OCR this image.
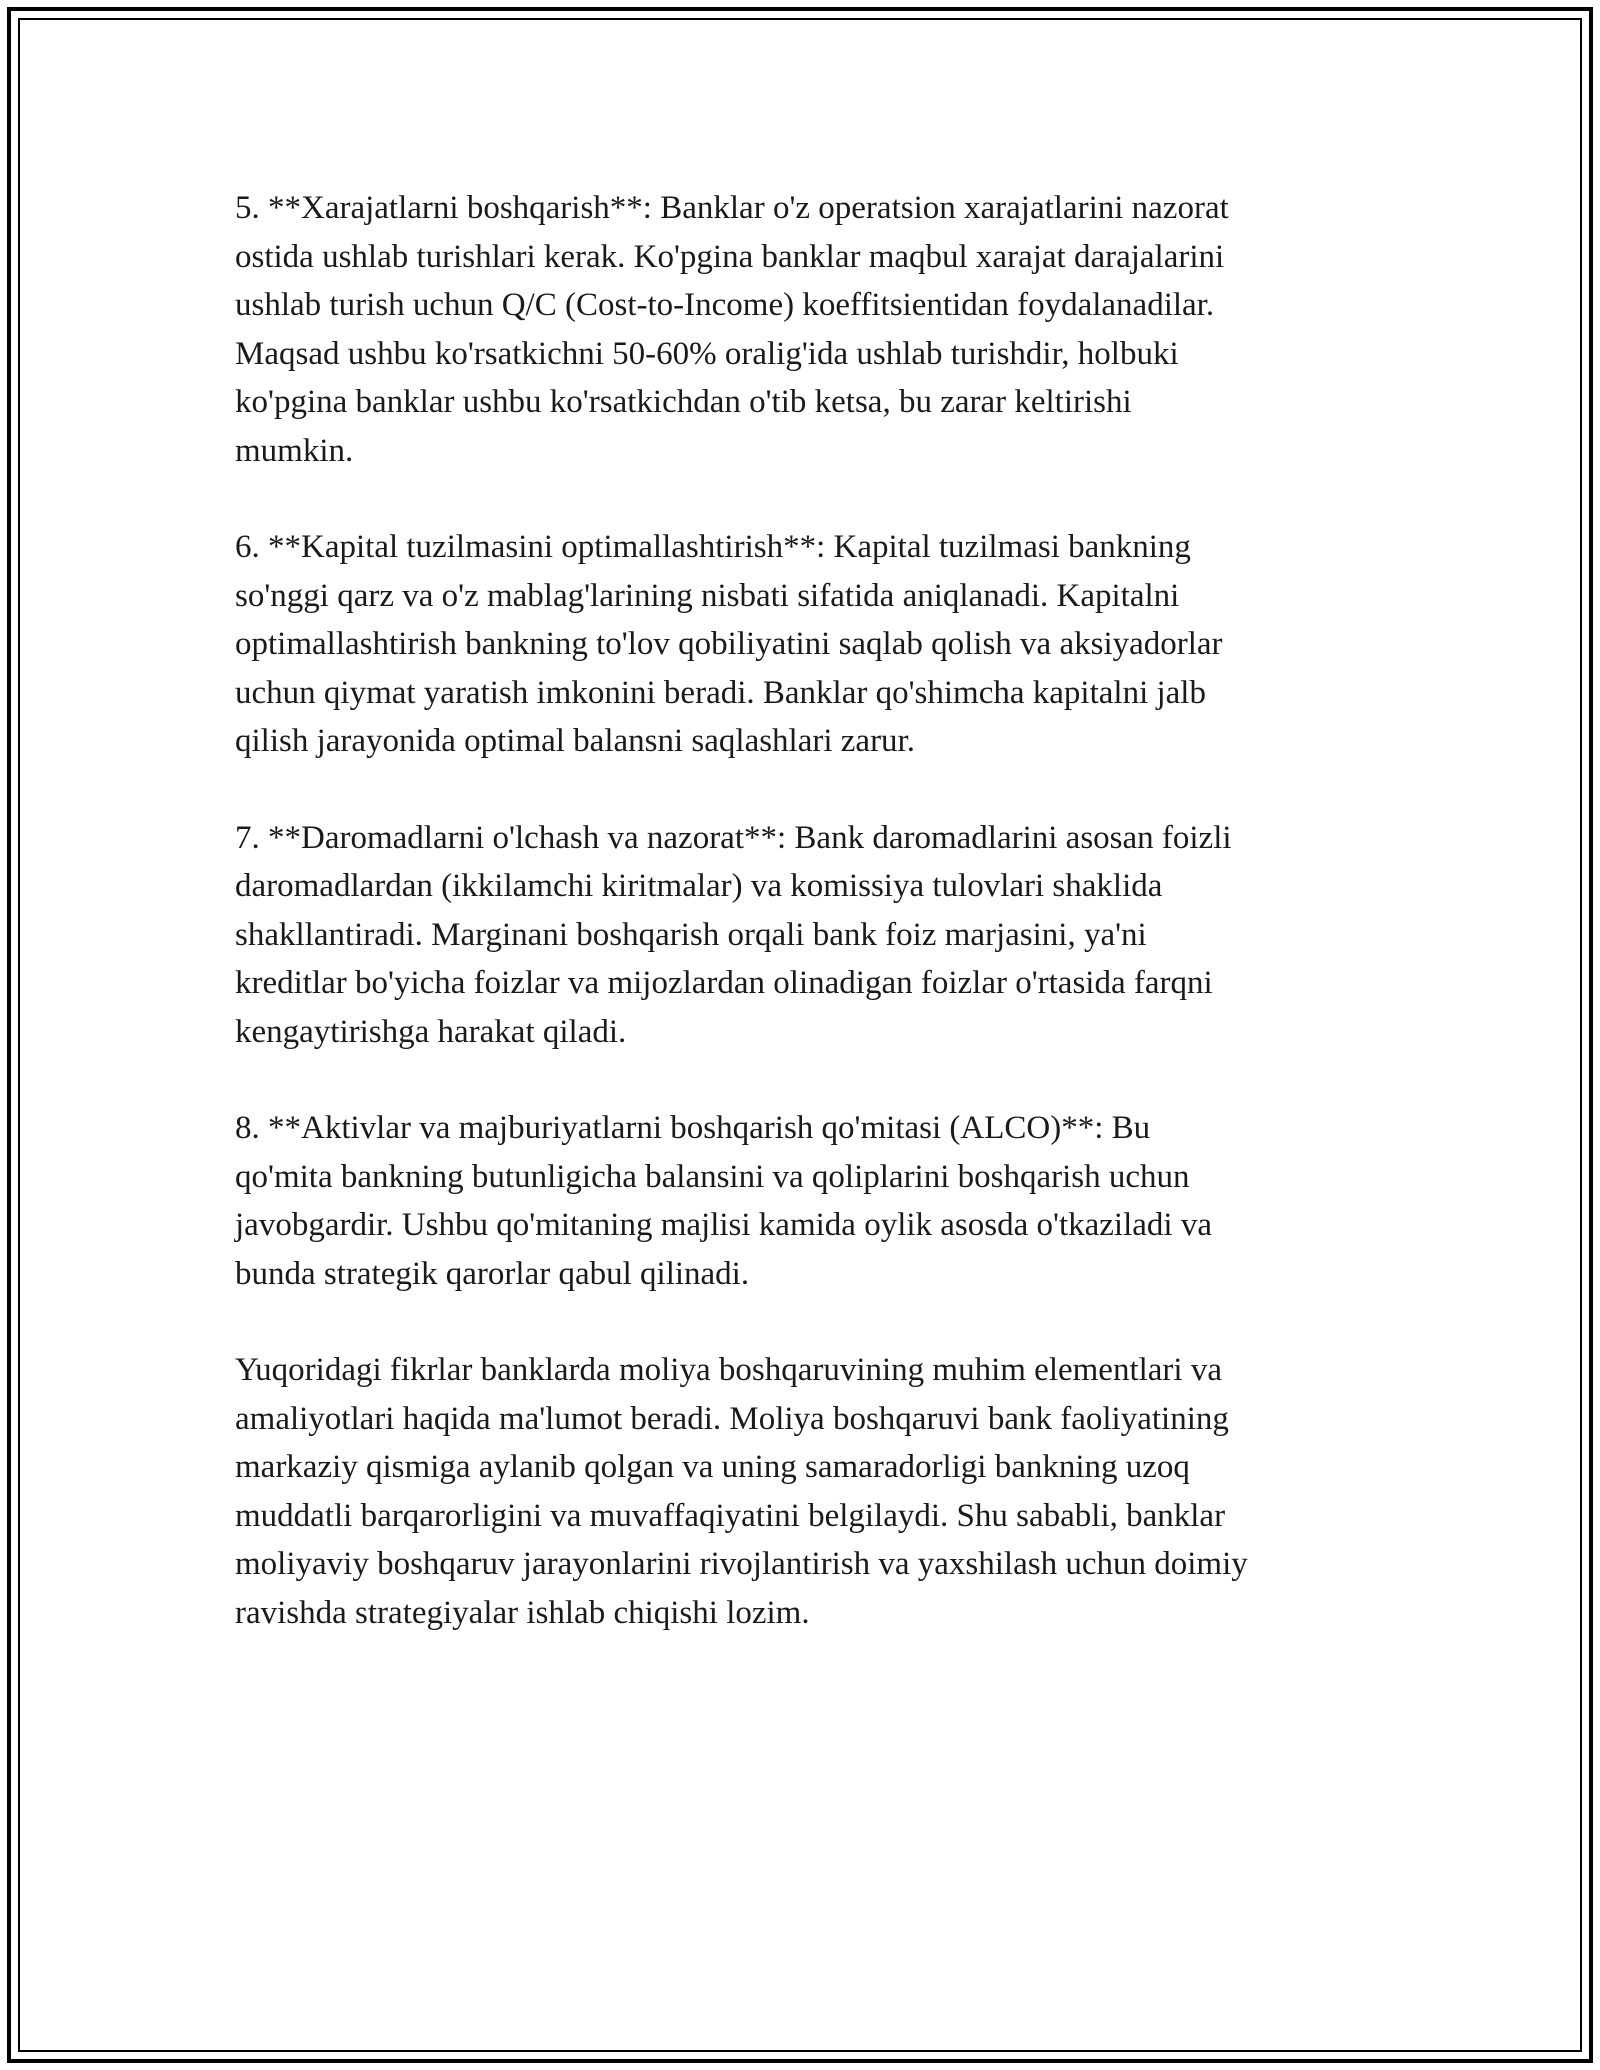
5. **Xarajatlarni boshqarish**: Banklar o'z operatsion xarajatlarini nazorat
ostida ushlab turishlari kerak. Ko'pgina banklar maqbul xarajat darajalarini
ushlab turish uchun Q/C (Cost-to-Income) koeffitsientidan foydalanadilar.
Maqsad ushbu ko'rsatkichni 50-60% oralig'ida ushlab turishdir, holbuki
ko'pgina banklar ushbu ko'rsatkichdan o'tib ketsa, bu zarar keltirishi
mumkin.

6. **Kapital tuzilmasini optimallashtirish**: Kapital tuzilmasi bankning
so'nggi qarz va o'z mablag'larining nisbati sifatida aniqlanadi. Kapitalni
optimallashtirish bankning to'lov qobiliyatini saqlab qolish va aksiyadorlar
uchun qiymat yaratish imkonini beradi. Banklar qo'shimcha kapitalni jalb
qilish jarayonida optimal balansni saqlashlari zarur.

7. **Daromadlarni o'lchash va nazorat**: Bank daromadlarini asosan foizli
daromadlardan (ikkilamchi kiritmalar) va komissiya tulovlari shaklida
shakllantiradi. Marginani boshqarish orqali bank foiz marjasini, ya'ni
kreditlar bo'yicha foizlar va mijozlardan olinadigan foizlar o'rtasida farqni
kengaytirishga harakat qiladi.

8. **Aktivlar va majburiyatlarni boshqarish qo'mitasi (ALCO)**: Bu
qo'mita bankning butunligicha balansini va qoliplarini boshqarish uchun
javobgardir. Ushbu qo'mitaning majlisi kamida oylik asosda o'tkaziladi va
bunda strategik qarorlar qabul qilinadi.

Yuqoridagi fikrlar banklarda moliya boshqaruvining muhim elementlari va
amaliyotlari haqida ma'lumot beradi. Moliya boshqaruvi bank faoliyatining
markaziy qismiga aylanib qolgan va uning samaradorligi bankning uzoq
muddatli barqarorligini va muvaffaqiyatini belgilaydi. Shu sababli, banklar
moliyaviy boshqaruv jarayonlarini rivojlantirish va yaxshilash uchun doimiy
ravishda strategiyalar ishlab chiqishi lozim.
